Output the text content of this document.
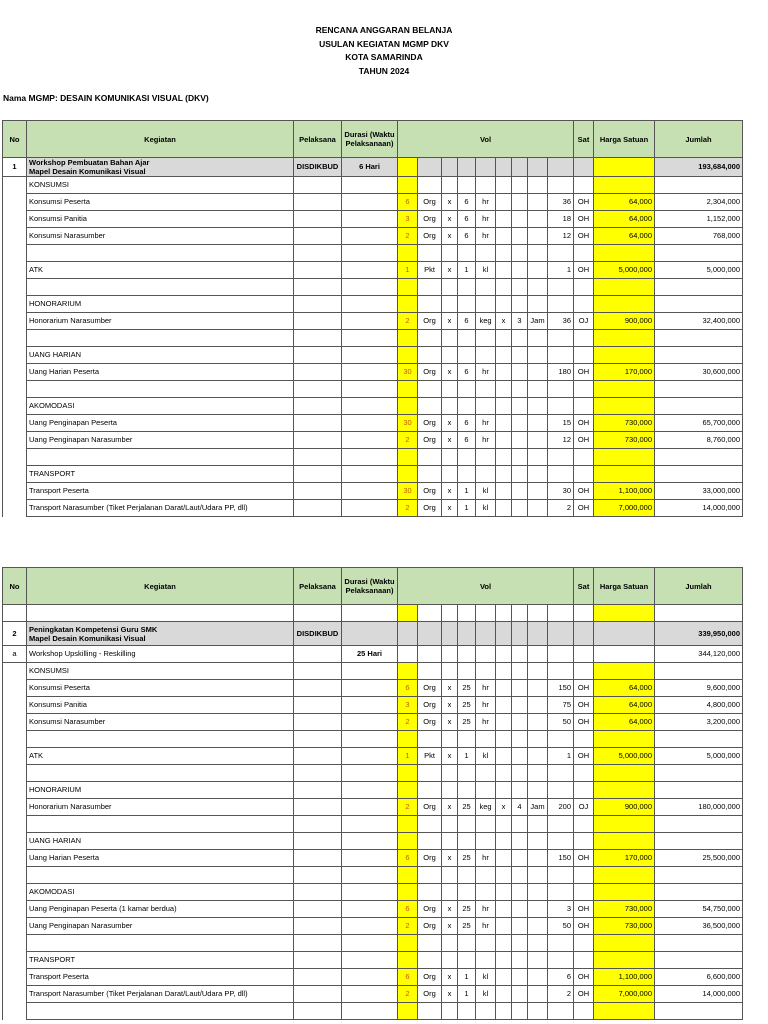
RENCANA ANGGARAN BELANJA
USULAN KEGIATAN MGMP DKV
KOTA SAMARINDA
TAHUN 2024
Nama MGMP: DESAIN KOMUNIKASI VISUAL (DKV)
No	Kegiatan	Pelaksana	Durasi (Waktu Pelaksanaan)	Vol									Sat	Harga Satuan	Jumlah
1	Workshop Pembuatan Bahan Ajar
Mapel Desain Komunikasi Visual	DISDIKBUD	6 Hari												193,684,000
	KONSUMSI														
	Konsumsi Peserta			6	Org	x	6	hr				36	OH	64,000	2,304,000
	Konsumsi Panitia			3	Org	x	6	hr				18	OH	64,000	1,152,000
	Konsumsi Narasumber			2	Org	x	6	hr				12	OH	64,000	768,000

	ATK			1	Pkt	x	1	kl				1	OH	5,000,000	5,000,000

	HONORARIUM														
	Honorarium Narasumber			2	Org	x	6	keg	x	3	Jam	36	OJ	900,000	32,400,000

	UANG HARIAN														
	Uang Harian Peserta			30	Org	x	6	hr				180	OH	170,000	30,600,000

	AKOMODASI														
	Uang Penginapan Peserta			30	Org	x	6	hr				15	OH	730,000	65,700,000
	Uang Penginapan Narasumber			2	Org	x	6	hr				12	OH	730,000	8,760,000

	TRANSPORT														
	Transport Peserta			30	Org	x	1	kl				30	OH	1,100,000	33,000,000
	Transport Narasumber (Tiket Perjalanan Darat/Laut/Udara PP, dll)			2	Org	x	1	kl				2	OH	7,000,000	14,000,000
No	Kegiatan	Pelaksana	Durasi (Waktu Pelaksanaan)	Vol									Sat	Harga Satuan	Jumlah

2	Peningkatan Kompetensi Guru SMK
Mapel Desain Komunikasi Visual	DISDIKBUD													339,950,000
a	Workshop Upskilling - Reskilling		25 Hari												344,120,000
	KONSUMSI														
	Konsumsi Peserta			6	Org	x	25	hr				150	OH	64,000	9,600,000
	Konsumsi Panitia			3	Org	x	25	hr				75	OH	64,000	4,800,000
	Konsumsi Narasumber			2	Org	x	25	hr				50	OH	64,000	3,200,000

	ATK			1	Pkt	x	1	kl				1	OH	5,000,000	5,000,000

	HONORARIUM														
	Honorarium Narasumber			2	Org	x	25	keg	x	4	Jam	200	OJ	900,000	180,000,000

	UANG HARIAN														
	Uang Harian Peserta			6	Org	x	25	hr				150	OH	170,000	25,500,000

	AKOMODASI														
	Uang Penginapan Peserta (1 kamar berdua)			6	Org	x	25	hr				3	OH	730,000	54,750,000
	Uang Penginapan Narasumber			2	Org	x	25	hr				50	OH	730,000	36,500,000

	TRANSPORT														
	Transport Peserta			6	Org	x	1	kl				6	OH	1,100,000	6,600,000
	Transport Narasumber (Tiket Perjalanan Darat/Laut/Udara PP, dll)			2	Org	x	1	kl				2	OH	7,000,000	14,000,000
